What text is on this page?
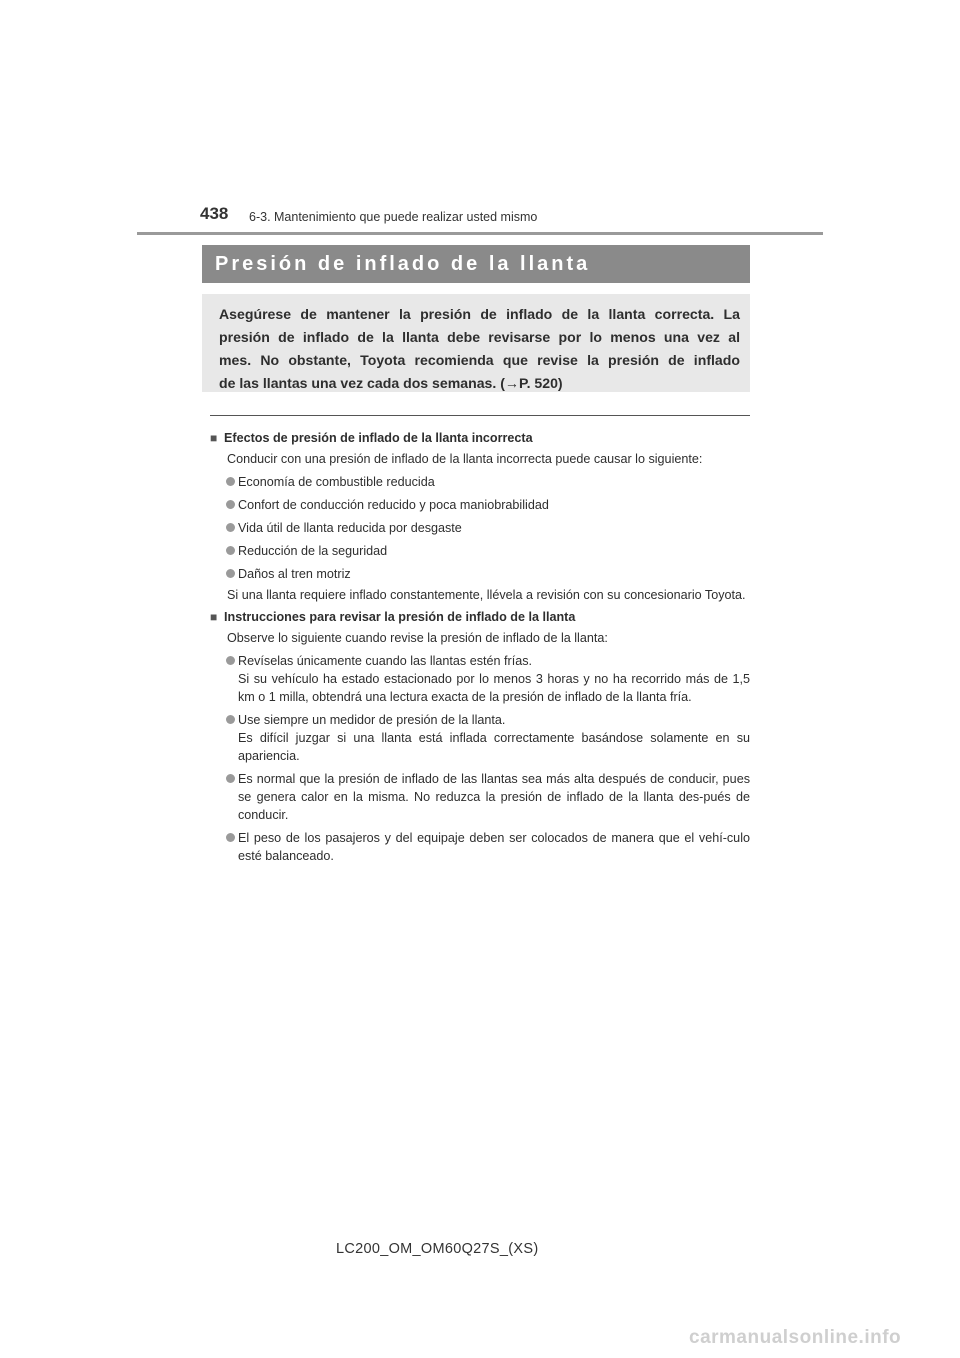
438 6-3. Mantenimiento que puede realizar usted mismo
Presión de inflado de la llanta
Asegúrese de mantener la presión de inflado de la llanta correcta. La
presión de inflado de la llanta debe revisarse por lo menos una vez al
mes. No obstante, Toyota recomienda que revise la presión de inflado
de las llantas una vez cada dos semanas. (→P. 520)
■ Efectos de presión de inflado de la llanta incorrecta
Conducir con una presión de inflado de la llanta incorrecta puede causar lo siguiente:
Economía de combustible reducida
Confort de conducción reducido y poca maniobrabilidad
Vida útil de llanta reducida por desgaste
Reducción de la seguridad
Daños al tren motriz
Si una llanta requiere inflado constantemente, llévela a revisión con su concesionario Toyota.
■ Instrucciones para revisar la presión de inflado de la llanta
Observe lo siguiente cuando revise la presión de inflado de la llanta:
Revíselas únicamente cuando las llantas estén frías.
Si su vehículo ha estado estacionado por lo menos 3 horas y no ha recorrido más de 1,5 km o 1 milla, obtendrá una lectura exacta de la presión de inflado de la llanta fría.
Use siempre un medidor de presión de la llanta.
Es difícil juzgar si una llanta está inflada correctamente basándose solamente en su apariencia.
Es normal que la presión de inflado de las llantas sea más alta después de conducir, pues se genera calor en la misma. No reduzca la presión de inflado de la llanta des-pués de conducir.
El peso de los pasajeros y del equipaje deben ser colocados de manera que el vehí-culo esté balanceado.
LC200_OM_OM60Q27S_(XS)
carmanualsonline.info
